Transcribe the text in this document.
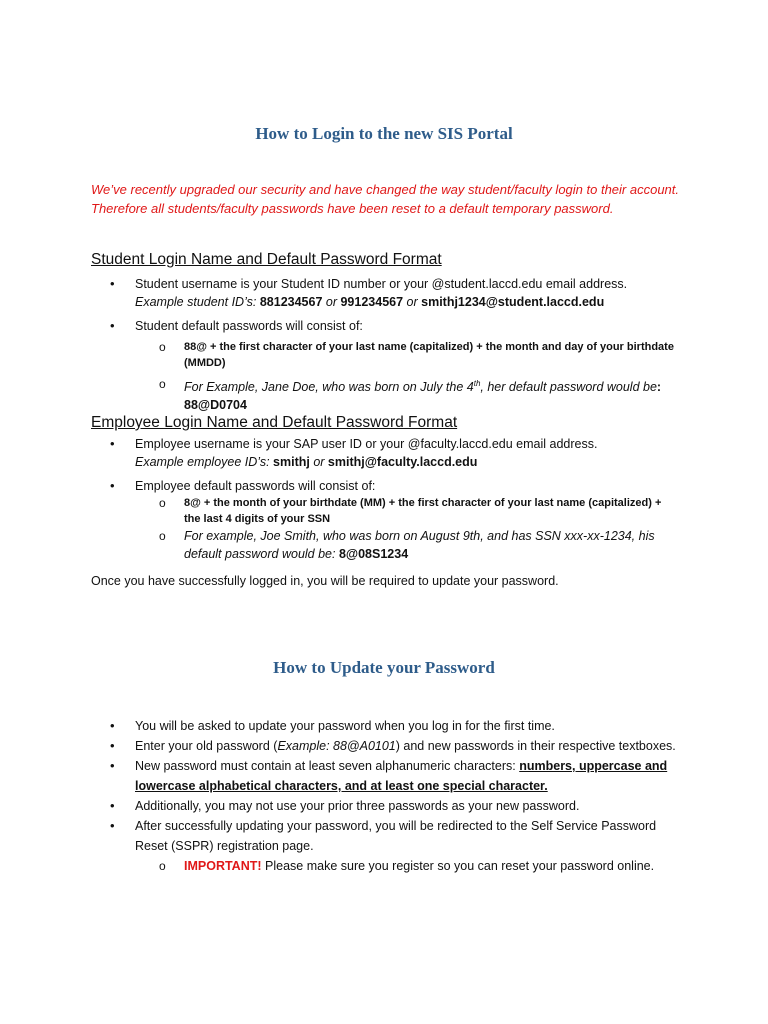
How to Login to the new SIS Portal
We’ve recently upgraded our security and have changed the way student/faculty login to their account.
Therefore all students/faculty passwords have been reset to a default temporary password.
Student Login Name and Default Password Format
• Student username is your Student ID number or your @student.laccd.edu email address.
Example student ID’s: 881234567 or 991234567 or smithj1234@student.laccd.edu
• Student default passwords will consist of:
o 88@ + the first character of your last name (capitalized) + the month and day of your birthdate (MMDD)
o For Example, Jane Doe, who was born on July the 4th, her default password would be:
88@D0704
Employee Login Name and Default Password Format
• Employee username is your SAP user ID or your @faculty.laccd.edu email address.
Example employee ID’s: smithj or smithj@faculty.laccd.edu
• Employee default passwords will consist of:
o 8@ + the month of your birthdate (MM) + the first character of your last name (capitalized) + the last 4 digits of your SSN
o For example, Joe Smith, who was born on August 9th, and has SSN xxx-xx-1234, his default password would be: 8@08S1234

Once you have successfully logged in, you will be required to update your password.

How to Update your Password
• You will be asked to update your password when you log in for the first time.
• Enter your old password (Example: 88@A0101) and new passwords in their respective textboxes.
• New password must contain at least seven alphanumeric characters: numbers, uppercase and lowercase alphabetical characters, and at least one special character.
• Additionally, you may not use your prior three passwords as your new password.
• After successfully updating your password, you will be redirected to the Self Service Password Reset (SSPR) registration page.
o IMPORTANT! Please make sure you register so you can reset your password online.
